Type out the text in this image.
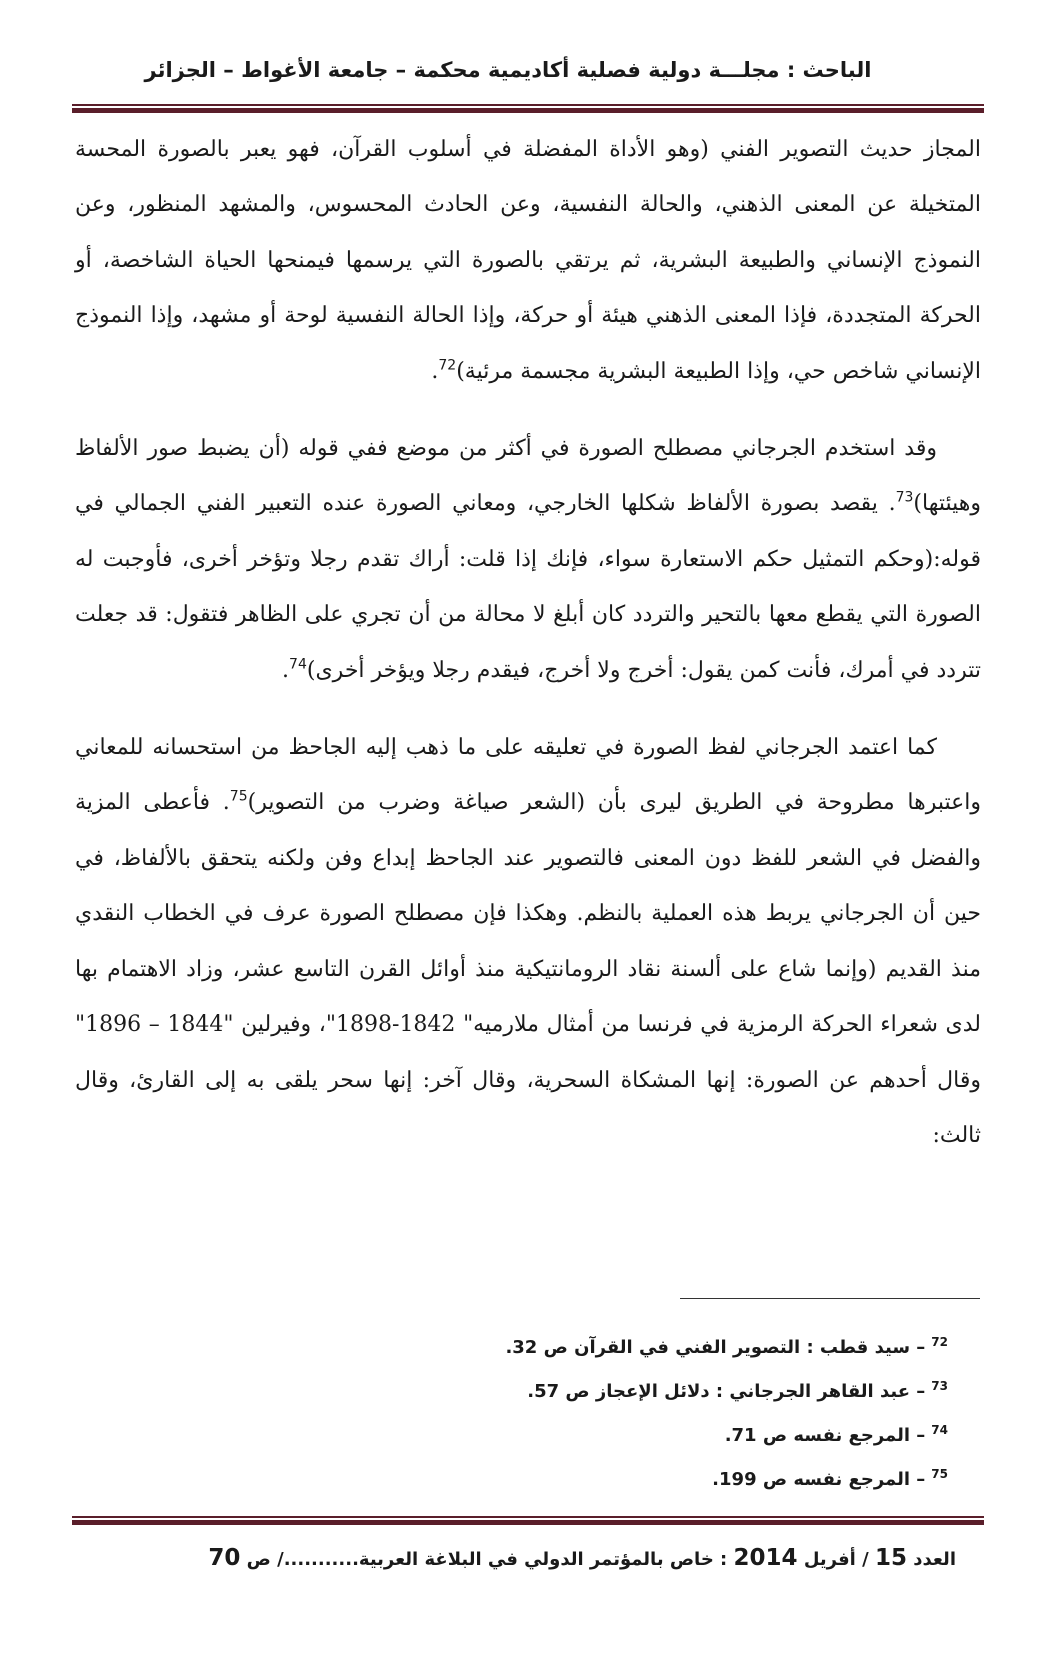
الباحث : مجلـــة دولية فصلية أكاديمية محكمة – جامعة الأغواط – الجزائر

المجاز حديث التصوير الفني (وهو الأداة المفضلة في أسلوب القرآن، فهو يعبر بالصورة المحسة المتخيلة عن المعنى الذهني، والحالة النفسية، وعن الحادث المحسوس، والمشهد المنظور، وعن النموذج الإنساني والطبيعة البشرية، ثم يرتقي بالصورة التي يرسمها فيمنحها الحياة الشاخصة، أو الحركة المتجددة، فإذا المعنى الذهني هيئة أو حركة، وإذا الحالة النفسية لوحة أو مشهد، وإذا النموذج الإنساني شاخص حي، وإذا الطبيعة البشرية مجسمة مرئية)$^{72}$.

وقد استخدم الجرجاني مصطلح الصورة في أكثر من موضع ففي قوله (أن يضبط صور الألفاظ وهيئتها)$^{73}$. يقصد بصورة الألفاظ شكلها الخارجي، ومعاني الصورة عنده التعبير الفني الجمالي في قوله:(وحكم التمثيل حكم الاستعارة سواء، فإنك إذا قلت: أراك تقدم رجلا وتؤخر أخرى، فأوجبت له الصورة التي يقطع معها بالتحير والتردد كان أبلغ لا محالة من أن تجري على الظاهر فتقول: قد جعلت تتردد في أمرك، فأنت كمن يقول: أخرج ولا أخرج، فيقدم رجلا ويؤخر أخرى)$^{74}$.

كما اعتمد الجرجاني لفظ الصورة في تعليقه على ما ذهب إليه الجاحظ من استحسانه للمعاني واعتبرها مطروحة في الطريق ليرى بأن (الشعر صياغة وضرب من التصوير)$^{75}$. فأعطى المزية والفضل في الشعر للفظ دون المعنى فالتصوير عند الجاحظ إبداع وفن ولكنه يتحقق بالألفاظ، في حين أن الجرجاني يربط هذه العملية بالنظم. وهكذا فإن مصطلح الصورة عرف في الخطاب النقدي منذ القديم (وإنما شاع على ألسنة نقاد الرومانتيكية منذ أوائل القرن التاسع عشر، وزاد الاهتمام بها لدى شعراء الحركة الرمزية في فرنسا من أمثال ملارميه" 1842-1898"، وفيرلين "1844 – 1896" وقال أحدهم عن الصورة: إنها المشكاة السحرية، وقال آخر: إنها سحر يلقى به إلى القارئ، وقال ثالث:

$^{72}$– سيد قطب : التصوير الفني في القرآن ص 32.
$^{73}$– عبد القاهر الجرجاني : دلائل الإعجاز ص 57.
$^{74}$– المرجع نفسه ص 71.
$^{75}$– المرجع نفسه ص 199.
العدد 15 / أفريل 2014 : خاص بالمؤتمر الدولي في البلاغة العربية.........../ ص 70
